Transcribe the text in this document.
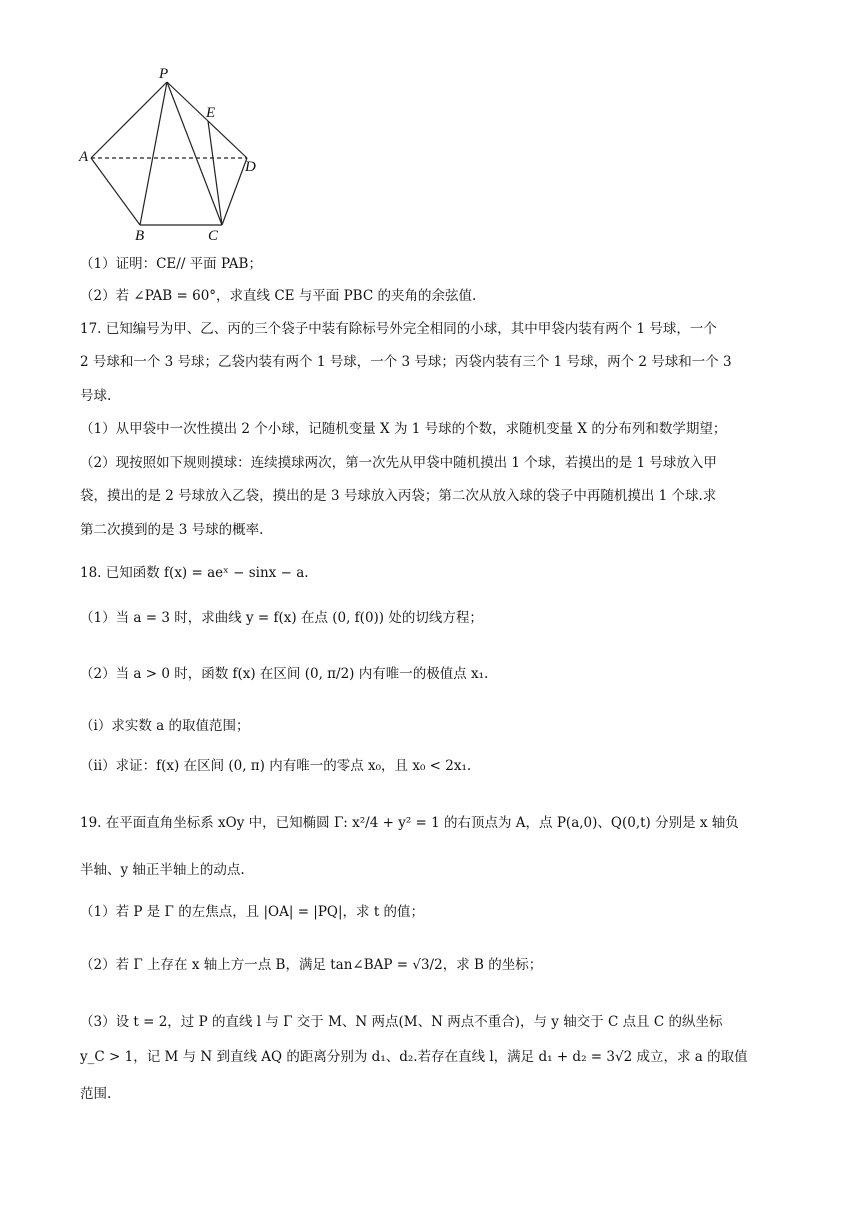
P
E
A
D
B	C
（1）证明：CE// 平面 PAB；
（2）若 ∠PAB = 60°，求直线 CE 与平面 PBC 的夹角的余弦值.
17. 已知编号为甲、乙、丙的三个袋子中装有除标号外完全相同的小球，其中甲袋内装有两个 1 号球，一个
2 号球和一个 3 号球；乙袋内装有两个 1 号球，一个 3 号球；丙袋内装有三个 1 号球，两个 2 号球和一个 3
号球.
（1）从甲袋中一次性摸出 2 个小球，记随机变量 X 为 1 号球的个数，求随机变量 X 的分布列和数学期望；
（2）现按照如下规则摸球：连续摸球两次，第一次先从甲袋中随机摸出 1 个球，若摸出的是 1 号球放入甲
袋，摸出的是 2 号球放入乙袋，摸出的是 3 号球放入丙袋；第二次从放入球的袋子中再随机摸出 1 个球.求
第二次摸到的是 3 号球的概率.
18. 已知函数 f(x) = aeˣ − sinx − a.
（1）当 a = 3 时，求曲线 y = f(x) 在点 (0, f(0)) 处的切线方程；
（2）当 a > 0 时，函数 f(x) 在区间 (0, π/2) 内有唯一的极值点 x₁.
（i）求实数 a 的取值范围；
（ii）求证：f(x) 在区间 (0, π) 内有唯一的零点 x₀，且 x₀ < 2x₁.
19. 在平面直角坐标系 xOy 中，已知椭圆 Γ: x²/4 + y² = 1 的右顶点为 A，点 P(a,0)、Q(0,t) 分别是 x 轴负
半轴、y 轴正半轴上的动点.
（1）若 P 是 Γ 的左焦点，且 |OA| = |PQ|，求 t 的值；
（2）若 Γ 上存在 x 轴上方一点 B，满足 tan∠BAP = √3/2，求 B 的坐标；
（3）设 t = 2，过 P 的直线 l 与 Γ 交于 M、N 两点(M、N 两点不重合)，与 y 轴交于 C 点且 C 的纵坐标
y_C > 1，记 M 与 N 到直线 AQ 的距离分别为 d₁、d₂.若存在直线 l，满足 d₁ + d₂ = 3√2 成立，求 a 的取值
范围.
